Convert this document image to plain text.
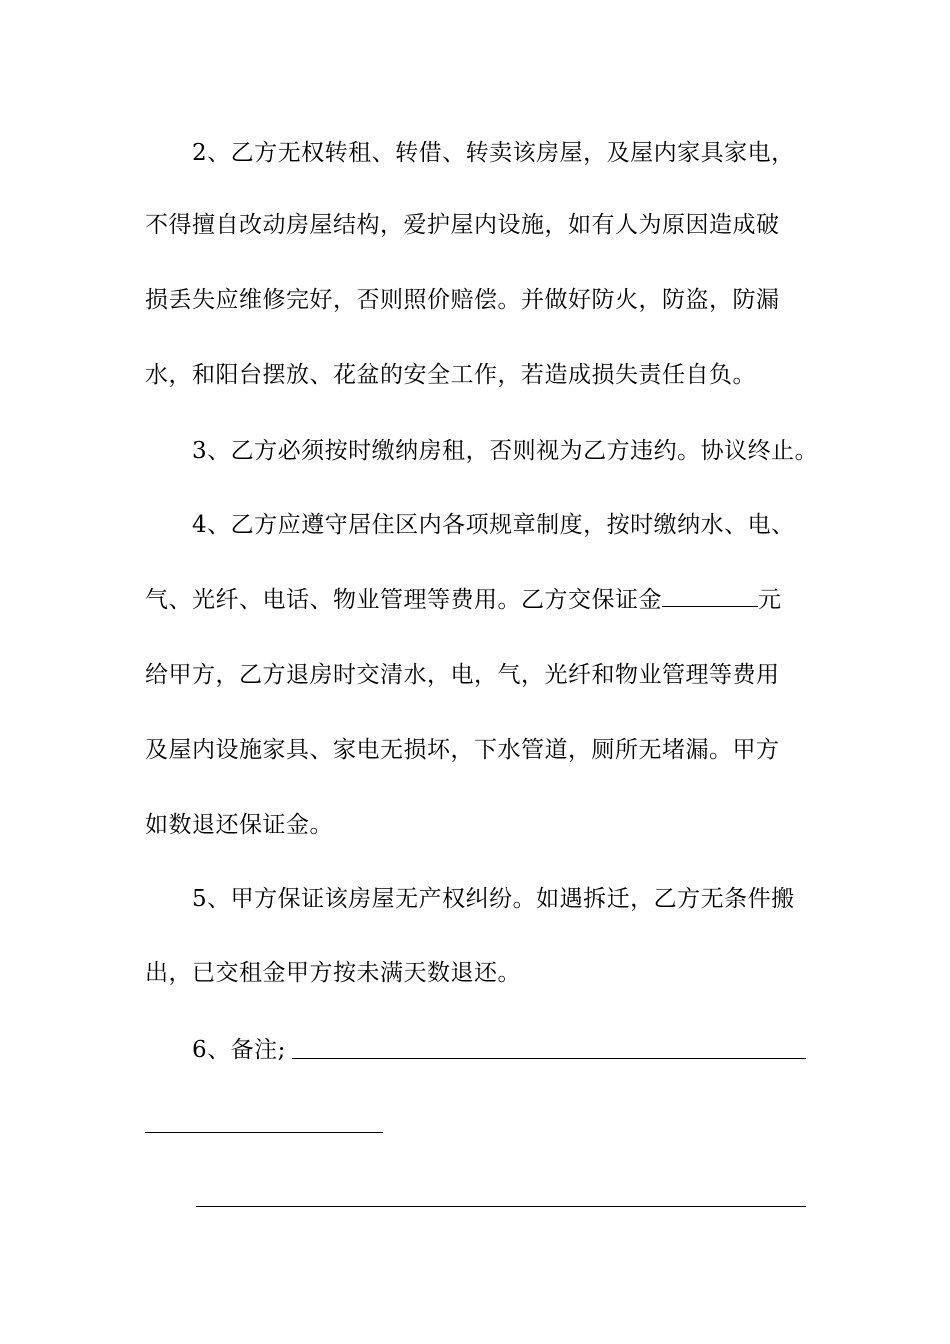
2、乙方无权转租、转借、转卖该房屋，及屋内家具家电，
不得擅自改动房屋结构，爱护屋内设施，如有人为原因造成破
损丢失应维修完好，否则照价赔偿。并做好防火，防盗，防漏
水，和阳台摆放、花盆的安全工作，若造成损失责任自负。
3、乙方必须按时缴纳房租，否则视为乙方违约。协议终止。
4、乙方应遵守居住区内各项规章制度，按时缴纳水、电、
气、光纤、电话、物业管理等费用。乙方交保证金	元
给甲方，乙方退房时交清水，电，气，光纤和物业管理等费用
及屋内设施家具、家电无损坏，下水管道，厕所无堵漏。甲方
如数退还保证金。
5、甲方保证该房屋无产权纠纷。如遇拆迁，乙方无条件搬
出，已交租金甲方按未满天数退还。
6、备注;
